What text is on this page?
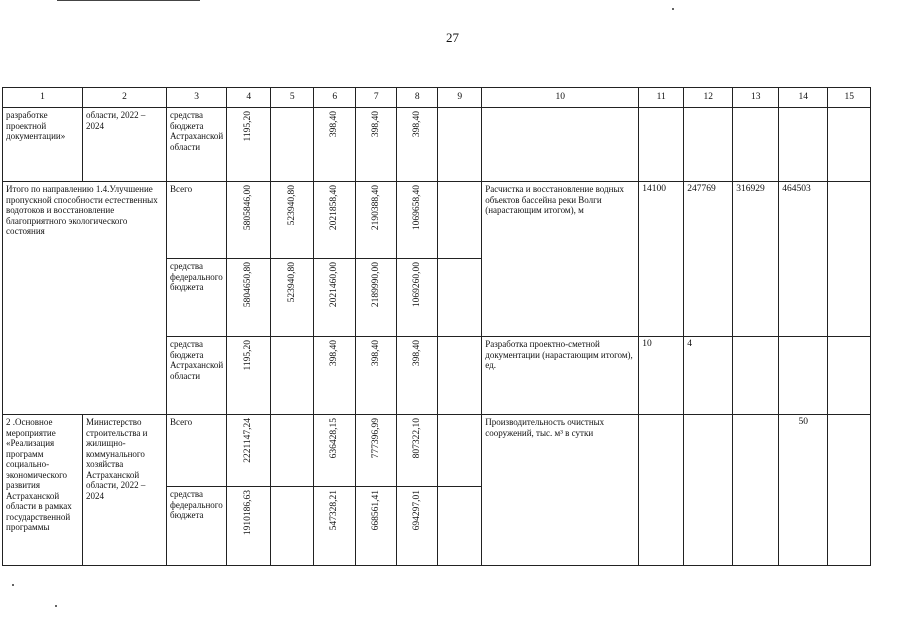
27
1	2	3	4	5	6	7	8	9	10	11	12	13	14	15
разработке проектной документации»	области, 2022 – 2024	средства бюджета Астраханской области	1195,20		398,40	398,40	398,40							
Итого по направлению 1.4.Улучшение пропускной способности естественных водотоков и восстановление благоприятного экологического состояния		Всего	5805846,00	523940,80	2021858,40	2190388,40	1069658,40		Расчистка и восстановление водных объектов бассейна реки Волги (нарастающим итогом), м	14100	247769	316929	464503	
		средства федерального бюджета	5804650,80	523940,80	2021460,00	2189990,00	1069260,00							
		средства бюджета Астраханской области	1195,20		398,40	398,40	398,40		Разработка проектно-сметной документации (нарастающим итогом), ед.	10	4			
2 .Основное мероприятие «Реализация программ социально-экономического развития Астраханской области в рамках государственной программы	Министерство строительства и жилищно-коммунального хозяйства Астраханской области, 2022 – 2024	Всего	2221147,24		636428,15	777396,99	807322,10		Производительность очистных сооружений, тыс. м³ в сутки				50	
		средства федерального бюджета	1910186,63		547328,21	668561,41	694297,01							
